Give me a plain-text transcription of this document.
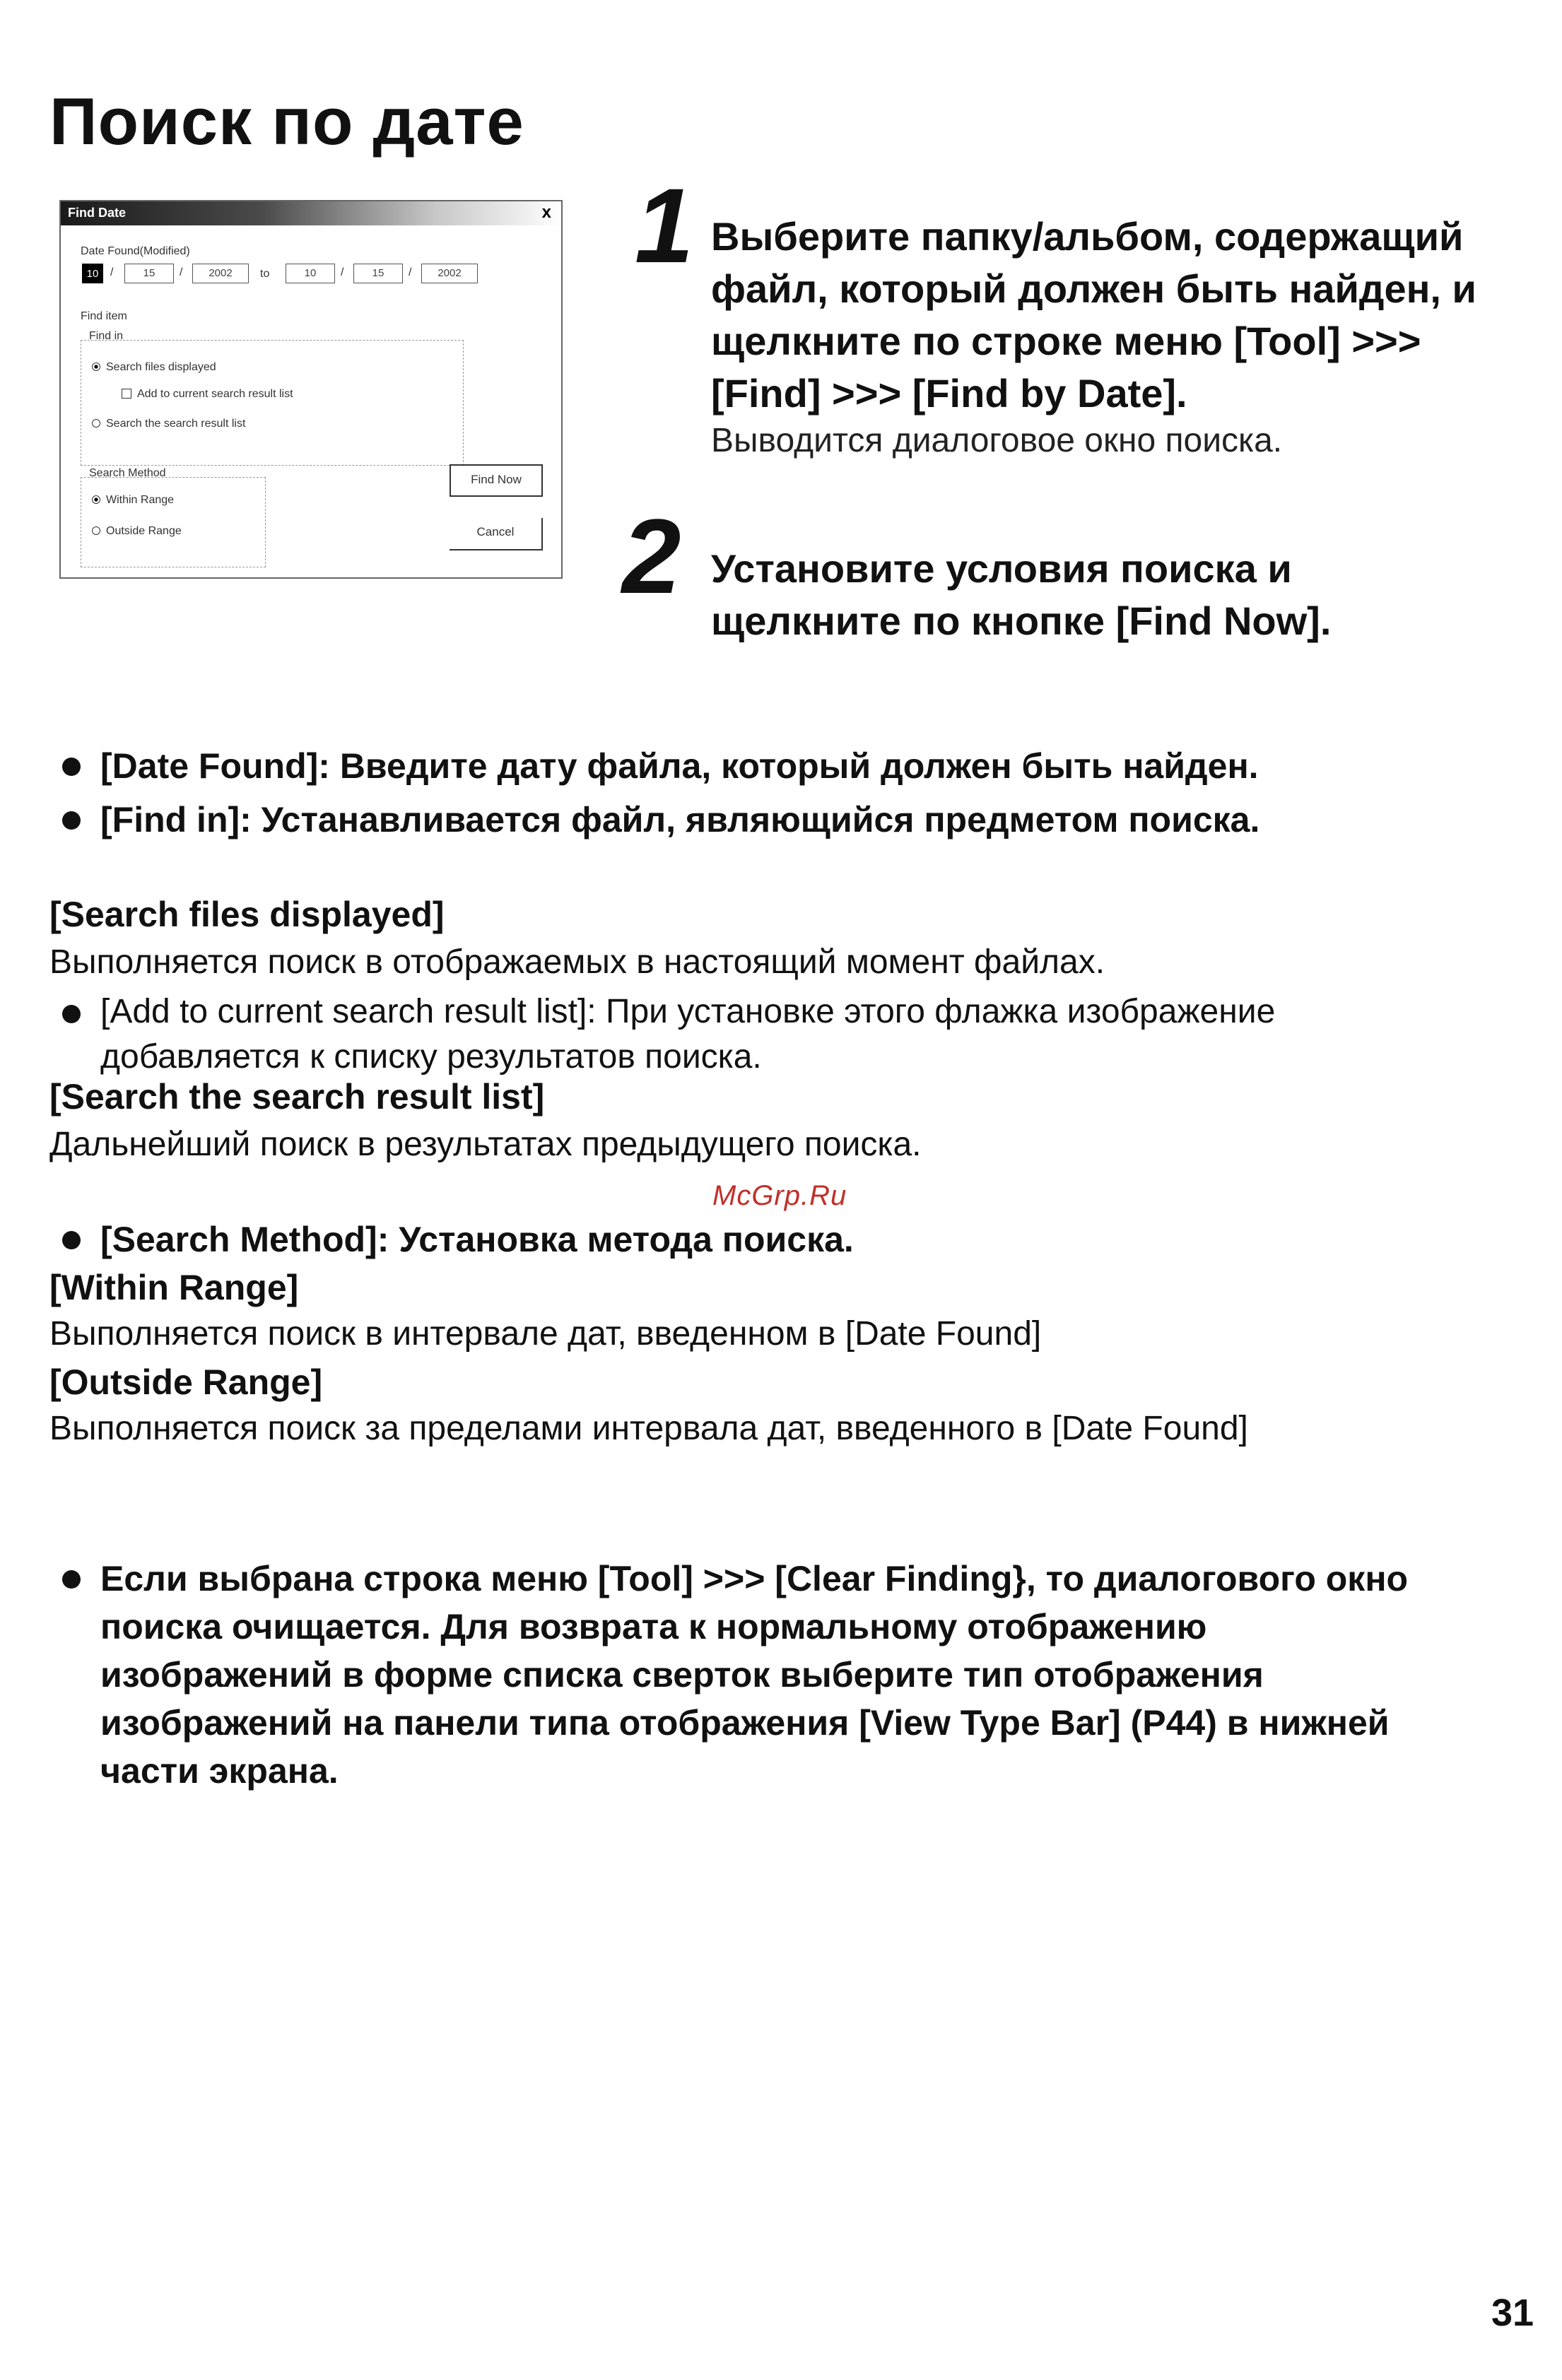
Поиск по дате
Find Date	x
Date Found(Modified)
10	/	15	/	2002	to	10	/	15	/	2002
Find item
Find in
Search files displayed
Add to current search result list
Search the search result list
Search Method
Within Range
Outside Range
Find Now
Cancel
1 Выберите папку/альбом, содержащий
файл, который должен быть найден, и
щелкните по строке меню [Tool] >>>
[Find] >>> [Find by Date].
Выводится диалоговое окно поиска.
2 Установите условия поиска и
щелкните по кнопке [Find Now].
[Date Found]: Введите дату файла, который должен быть найден.
[Find in]: Устанавливается файл, являющийся предметом поиска.
[Search files displayed]
Выполняется поиск в отображаемых в настоящий момент файлах.
[Add to current search result list]: При установке этого флажка изображение
добавляется к списку результатов поиска.
[Search the search result list]
Дальнейший поиск в результатах предыдущего поиска.
McGrp.Ru
[Search Method]: Установка метода поиска.
[Within Range]
Выполняется поиск в интервале дат, введенном в [Date Found]
[Outside Range]
Выполняется поиск за пределами интервала дат, введенного в [Date Found]
Если выбрана строка меню [Tool] >>> [Clear Finding}, то диалогового окно
поиска очищается. Для возврата к нормальному отображению
изображений в форме списка сверток выберите тип отображения
изображений на панели типа отображения [View Type Bar] (P44) в нижней
части экрана.
31
